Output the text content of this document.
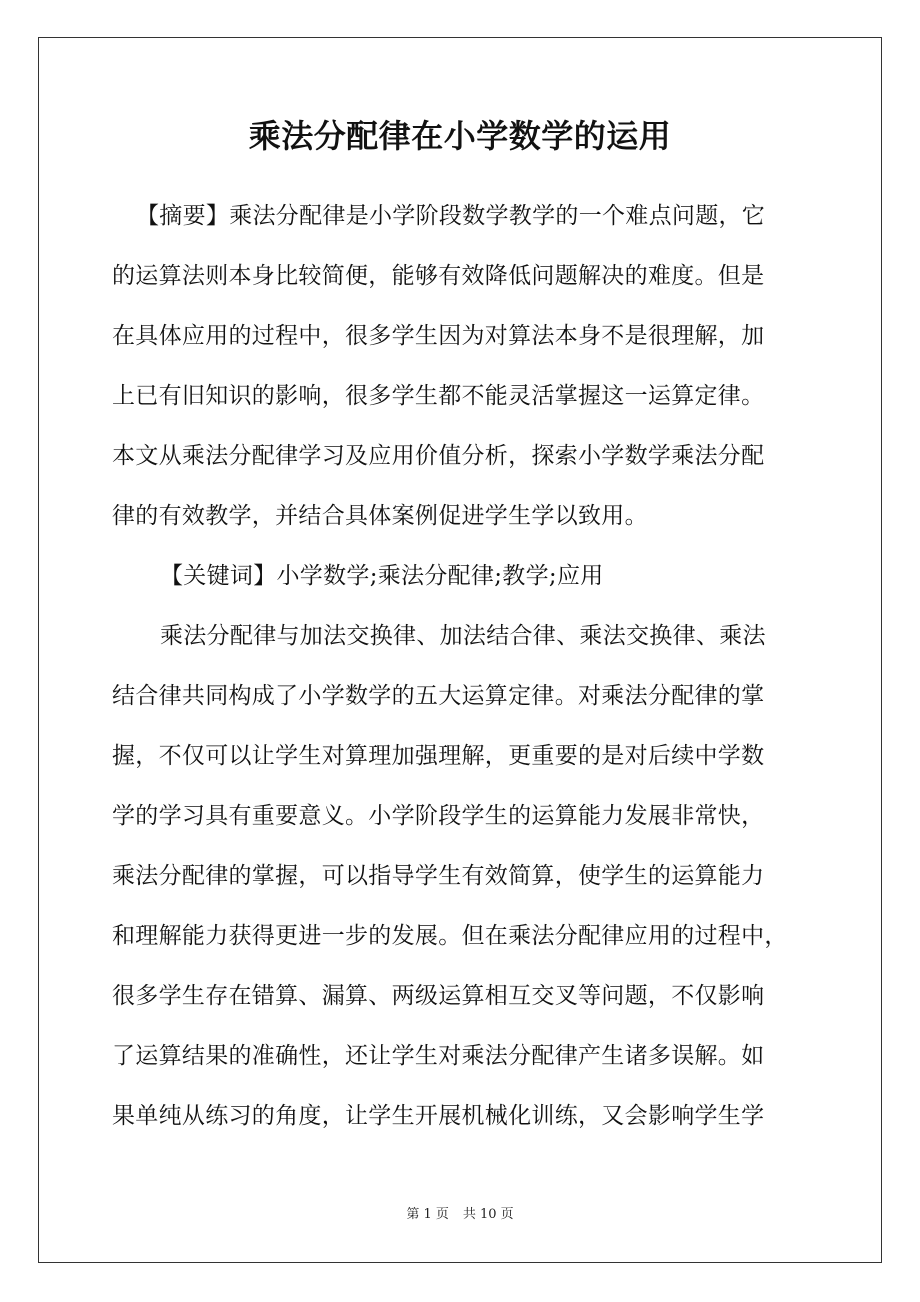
乘法分配律在小学数学的运用
【摘要】乘法分配律是小学阶段数学教学的一个难点问题，它
的运算法则本身比较简便，能够有效降低问题解决的难度。但是
在具体应用的过程中，很多学生因为对算法本身不是很理解，加
上已有旧知识的影响，很多学生都不能灵活掌握这一运算定律。
本文从乘法分配律学习及应用价值分析，探索小学数学乘法分配
律的有效教学，并结合具体案例促进学生学以致用。
【关键词】小学数学;乘法分配律;教学;应用
乘法分配律与加法交换律、加法结合律、乘法交换律、乘法
结合律共同构成了小学数学的五大运算定律。对乘法分配律的掌
握，不仅可以让学生对算理加强理解，更重要的是对后续中学数
学的学习具有重要意义。小学阶段学生的运算能力发展非常快，
乘法分配律的掌握，可以指导学生有效简算，使学生的运算能力
和理解能力获得更进一步的发展。但在乘法分配律应用的过程中，
很多学生存在错算、漏算、两级运算相互交叉等问题，不仅影响
了运算结果的准确性，还让学生对乘法分配律产生诸多误解。如
果单纯从练习的角度，让学生开展机械化训练，又会影响学生学
第 1 页 共 10 页
